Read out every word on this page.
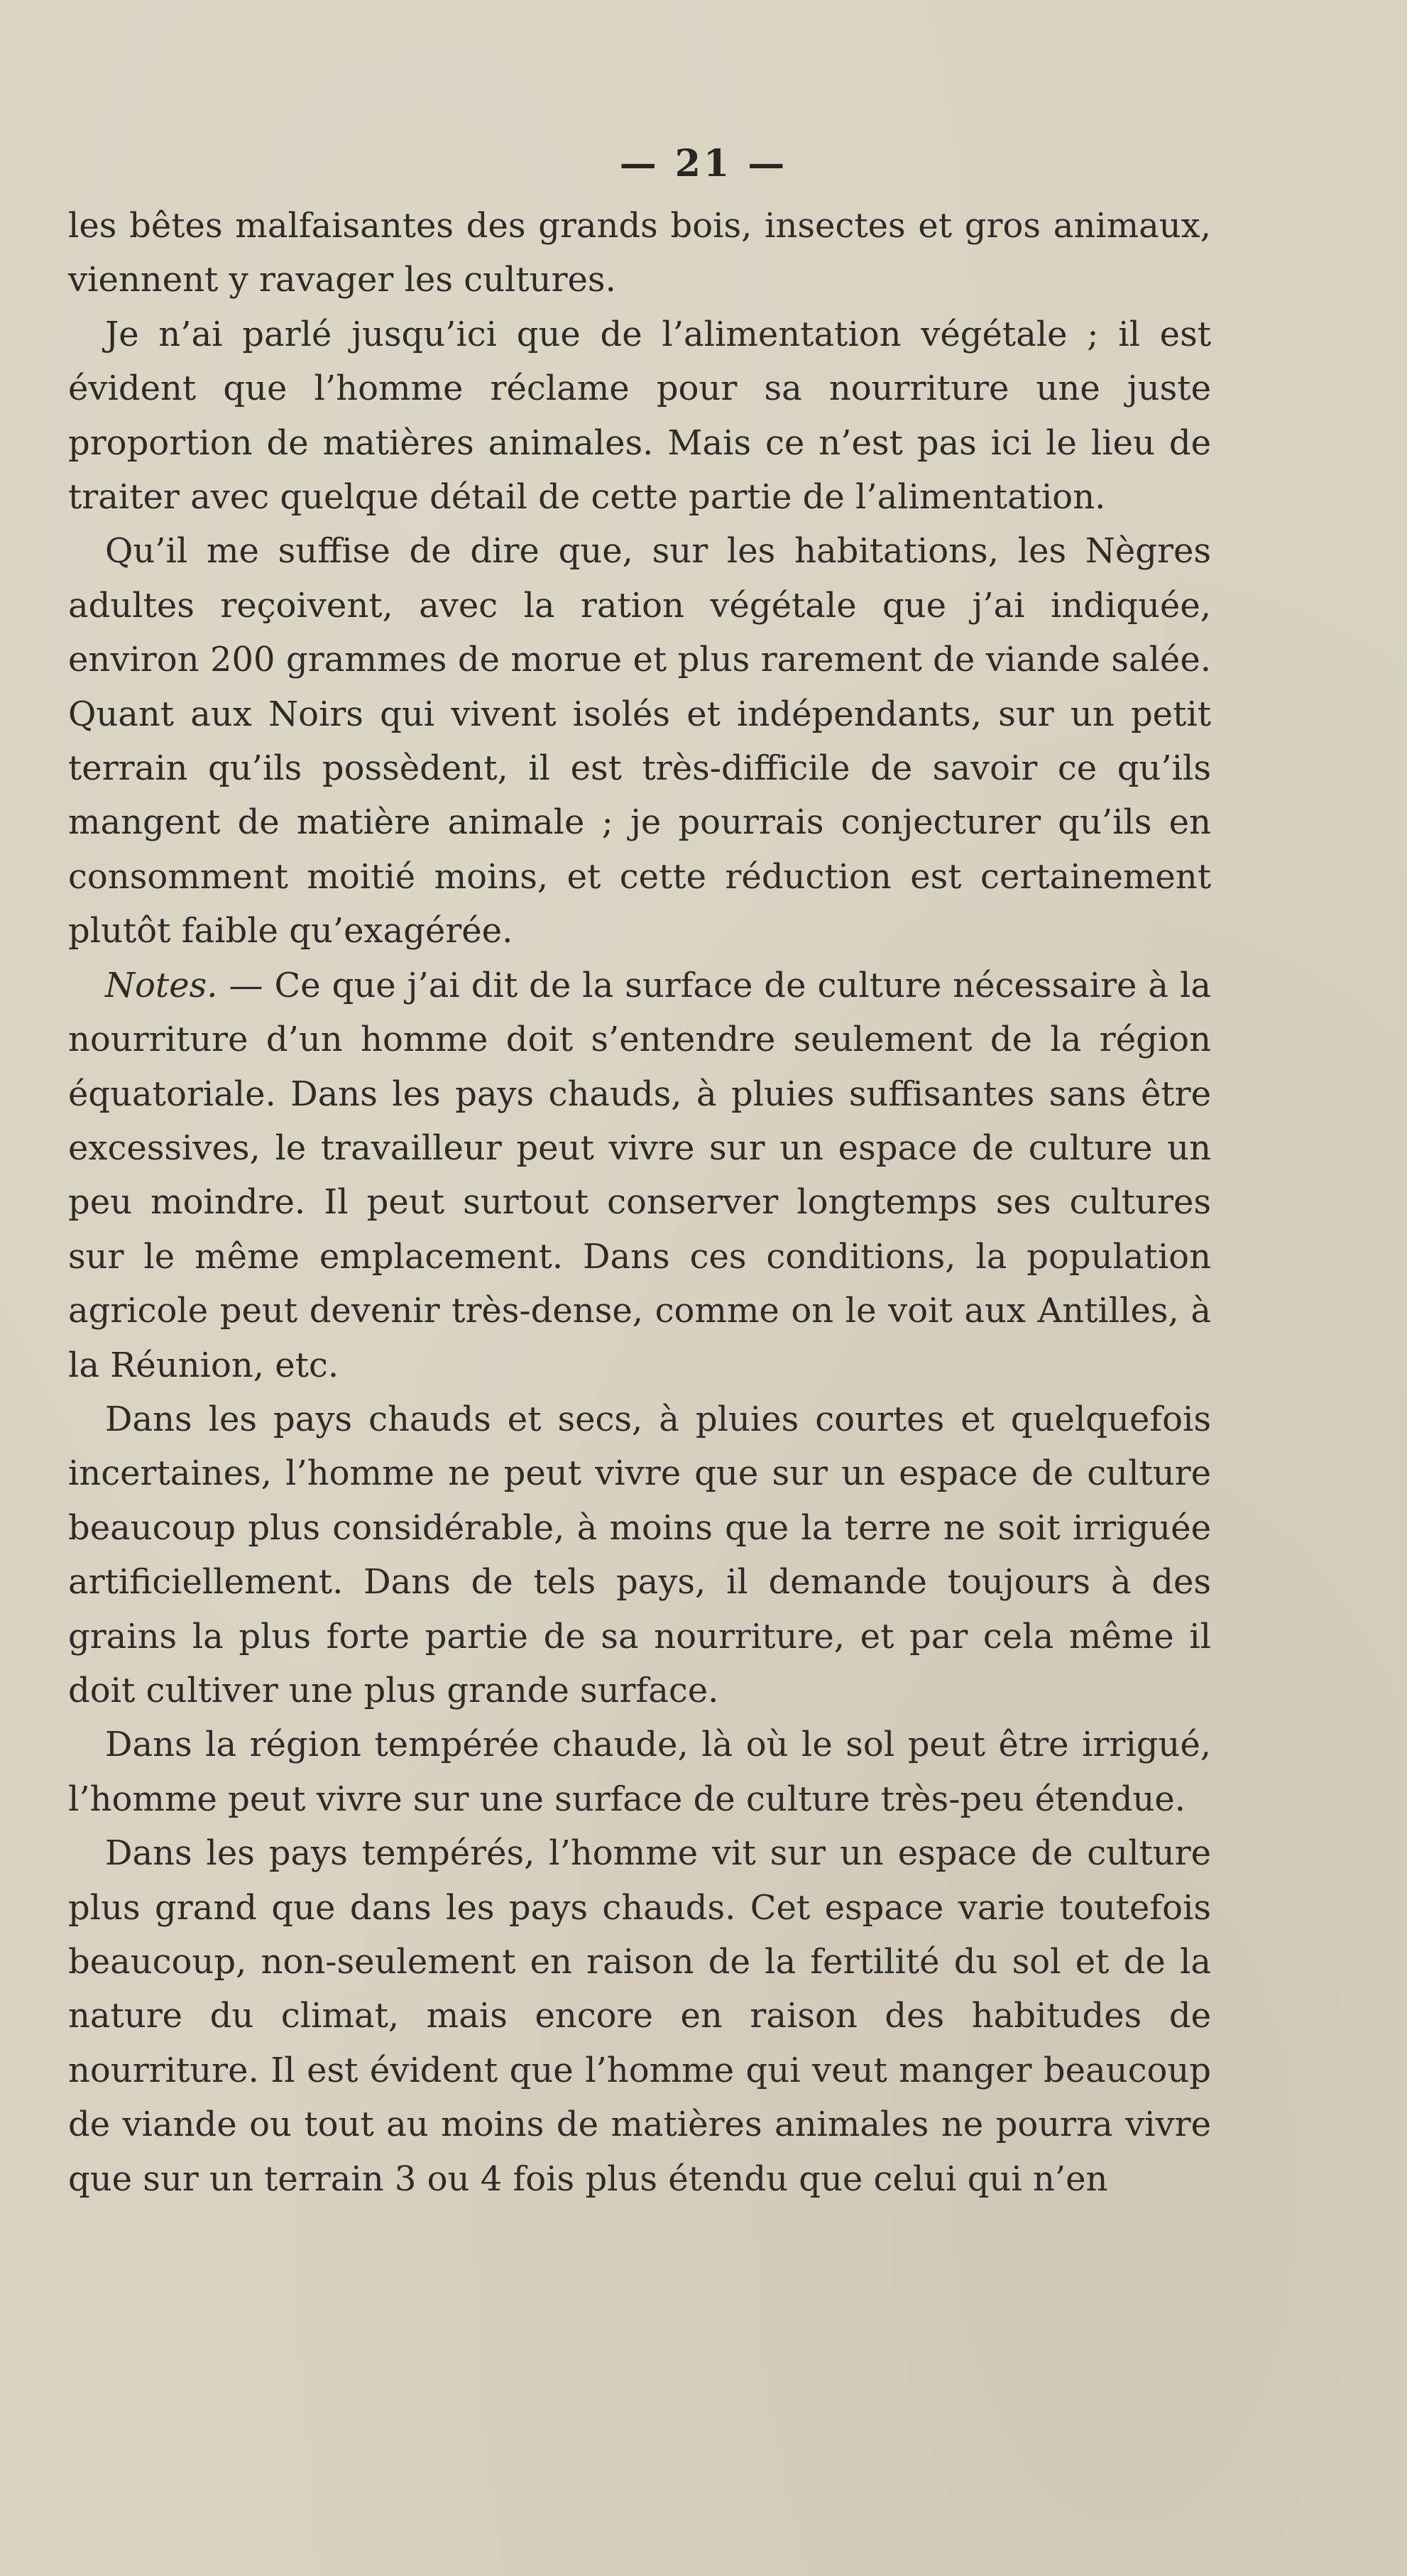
— 21 —

les bêtes malfaisantes des grands bois, insectes et gros animaux, viennent y ravager les cultures.

Je n’ai parlé jusqu’ici que de l’alimentation végétale ; il est évident que l’homme réclame pour sa nourriture une juste proportion de matières animales. Mais ce n’est pas ici le lieu de traiter avec quelque détail de cette partie de l’alimentation.

Qu’il me suffise de dire que, sur les habitations, les Nègres adultes reçoivent, avec la ration végétale que j’ai indiquée, environ 200 grammes de morue et plus rarement de viande salée. Quant aux Noirs qui vivent isolés et indépendants, sur un petit terrain qu’ils possèdent, il est très-difficile de savoir ce qu’ils mangent de matière animale ; je pourrais conjecturer qu’ils en consomment moitié moins, et cette réduction est certainement plutôt faible qu’exagérée.

Notes. — Ce que j’ai dit de la surface de culture nécessaire à la nourriture d’un homme doit s’entendre seulement de la région équatoriale. Dans les pays chauds, à pluies suffisantes sans être excessives, le travailleur peut vivre sur un espace de culture un peu moindre. Il peut surtout conserver longtemps ses cultures sur le même emplacement. Dans ces conditions, la population agricole peut devenir très-dense, comme on le voit aux Antilles, à la Réunion, etc.

Dans les pays chauds et secs, à pluies courtes et quelquefois incertaines, l’homme ne peut vivre que sur un espace de culture beaucoup plus considérable, à moins que la terre ne soit irriguée artificiellement. Dans de tels pays, il demande toujours à des grains la plus forte partie de sa nourriture, et par cela même il doit cultiver une plus grande surface.

Dans la région tempérée chaude, là où le sol peut être irrigué, l’homme peut vivre sur une surface de culture très-peu étendue.

Dans les pays tempérés, l’homme vit sur un espace de culture plus grand que dans les pays chauds. Cet espace varie toutefois beaucoup, non-seulement en raison de la fertilité du sol et de la nature du climat, mais encore en raison des habitudes de nourriture. Il est évident que l’homme qui veut manger beaucoup de viande ou tout au moins de matières animales ne pourra vivre que sur un terrain 3 ou 4 fois plus étendu que celui qui n’en
